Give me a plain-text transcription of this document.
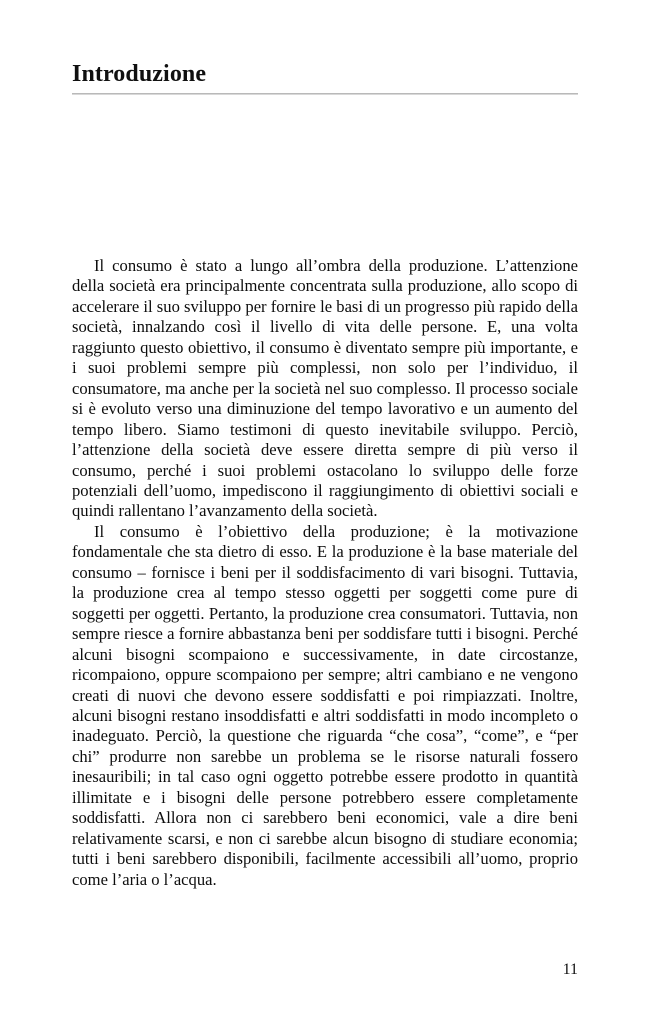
Introduzione

Il consumo è stato a lungo all’ombra della produzione. L’attenzione della società era principalmente concentrata sulla produzione, allo scopo di accelerare il suo sviluppo per fornire le basi di un progresso più rapido della società, innalzando così il livello di vita delle persone. E, una volta raggiunto questo obiettivo, il consumo è diventato sempre più importante, e i suoi problemi sempre più complessi, non solo per l’individuo, il consumatore, ma anche per la società nel suo complesso. Il processo sociale si è evoluto verso una diminuzione del tempo lavorativo e un aumento del tempo libero. Siamo testimoni di questo inevitabile sviluppo. Perciò, l’attenzione della società deve essere diretta sempre di più verso il consumo, perché i suoi problemi ostacolano lo sviluppo delle forze potenziali dell’uomo, impediscono il raggiungimento di obiettivi sociali e quindi rallentano l’avanzamento della società.

Il consumo è l’obiettivo della produzione; è la motivazione fondamentale che sta dietro di esso. E la produzione è la base materiale del consumo – fornisce i beni per il soddisfacimento di vari bisogni. Tuttavia, la produzione crea al tempo stesso oggetti per soggetti come pure di soggetti per oggetti. Pertanto, la produzione crea consumatori. Tuttavia, non sempre riesce a fornire abbastanza beni per soddisfare tutti i bisogni. Perché alcuni bisogni scompaiono e successivamente, in date circostanze, ricompaiono, oppure scompaiono per sempre; altri cambiano e ne vengono creati di nuovi che devono essere soddisfatti e poi rimpiazzati. Inoltre, alcuni bisogni restano insoddisfatti e altri soddisfatti in modo incompleto o inadeguato. Perciò, la questione che riguarda “che cosa”, “come”, e “per chi” produrre non sarebbe un problema se le risorse naturali fossero inesauribili; in tal caso ogni oggetto potrebbe essere prodotto in quantità illimitate e i bisogni delle persone potrebbero essere completamente soddisfatti. Allora non ci sarebbero beni economici, vale a dire beni relativamente scarsi, e non ci sarebbe alcun bisogno di studiare economia; tutti i beni sarebbero disponibili, facilmente accessibili all’uomo, proprio come l’aria o l’acqua.

11
